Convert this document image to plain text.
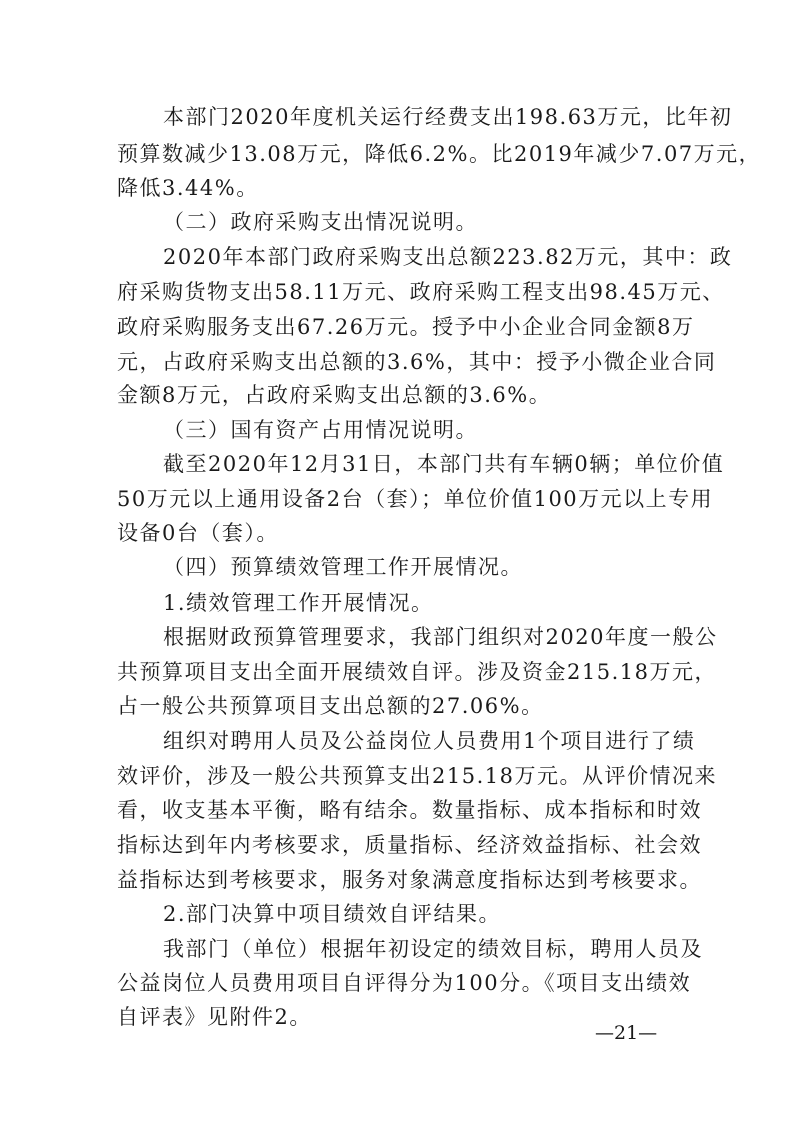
本部门2020年度机关运行经费支出198.63万元，比年初
预算数减少13.08万元，降低6.2%。比2019年减少7.07万元，
降低3.44%。
（二）政府采购支出情况说明。
2020年本部门政府采购支出总额223.82万元，其中：政
府采购货物支出58.11万元、政府采购工程支出98.45万元、
政府采购服务支出67.26万元。授予中小企业合同金额8万
元，占政府采购支出总额的3.6%，其中：授予小微企业合同
金额8万元，占政府采购支出总额的3.6%。
（三）国有资产占用情况说明。
截至2020年12月31日，本部门共有车辆0辆；单位价值
50万元以上通用设备2台（套）；单位价值100万元以上专用
设备0台（套）。
（四）预算绩效管理工作开展情况。
1.绩效管理工作开展情况。
根据财政预算管理要求，我部门组织对2020年度一般公
共预算项目支出全面开展绩效自评。涉及资金215.18万元，
占一般公共预算项目支出总额的27.06%。
组织对聘用人员及公益岗位人员费用1个项目进行了绩
效评价，涉及一般公共预算支出215.18万元。从评价情况来
看，收支基本平衡，略有结余。数量指标、成本指标和时效
指标达到年内考核要求，质量指标、经济效益指标、社会效
益指标达到考核要求，服务对象满意度指标达到考核要求。
2.部门决算中项目绩效自评结果。
我部门（单位）根据年初设定的绩效目标，聘用人员及
公益岗位人员费用项目自评得分为100分。《项目支出绩效
自评表》见附件2。
—21—
